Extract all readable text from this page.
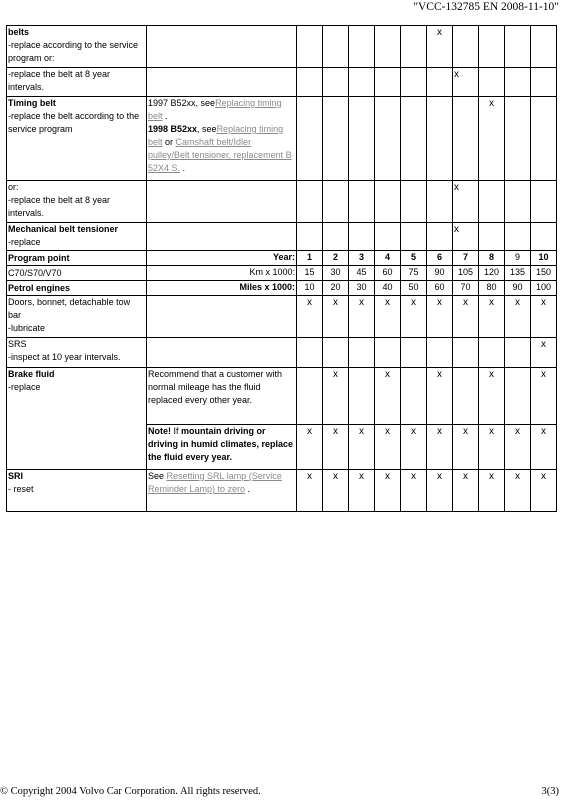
"VCC-132785 EN 2008-11-10"
belts
-replace according to the service program or:							x				
-replace the belt at 8 year intervals.								x			
Timing belt
-replace the belt according to the service program	1997 B52xx, seeReplacing timing belt .
1998 B52xx, seeReplacing timing belt or Camshaft belt/Idler pulley/Belt tensioner, replacement B 52X4 S. .								x		
or:
-replace the belt at 8 year intervals.								x			
Mechanical belt tensioner
-replace								x			
Program point	Year:	1	2	3	4	5	6	7	8	9	10
C70/S70/V70	Km x 1000:	15	30	45	60	75	90	105	120	135	150
Petrol engines	Miles x 1000:	10	20	30	40	50	60	70	80	90	100
Doors, bonnet, detachable tow bar
-lubricate		x	x	x	x	x	x	x	x	x	x
SRS
-inspect at 10 year intervals.											x
Brake fluid
-replace	Recommend that a customer with normal mileage has the fluid replaced every other year.		x		x		x		x		x
	Note! If mountain driving or driving in humid climates, replace the fluid every year.	x	x	x	x	x	x	x	x	x	x
SRI
- reset	See Resetting SRL lamp (Service Reminder Lamp) to zero .	x	x	x	x	x	x	x	x	x	x
© Copyright 2004 Volvo Car Corporation. All rights reserved.	3(3)
